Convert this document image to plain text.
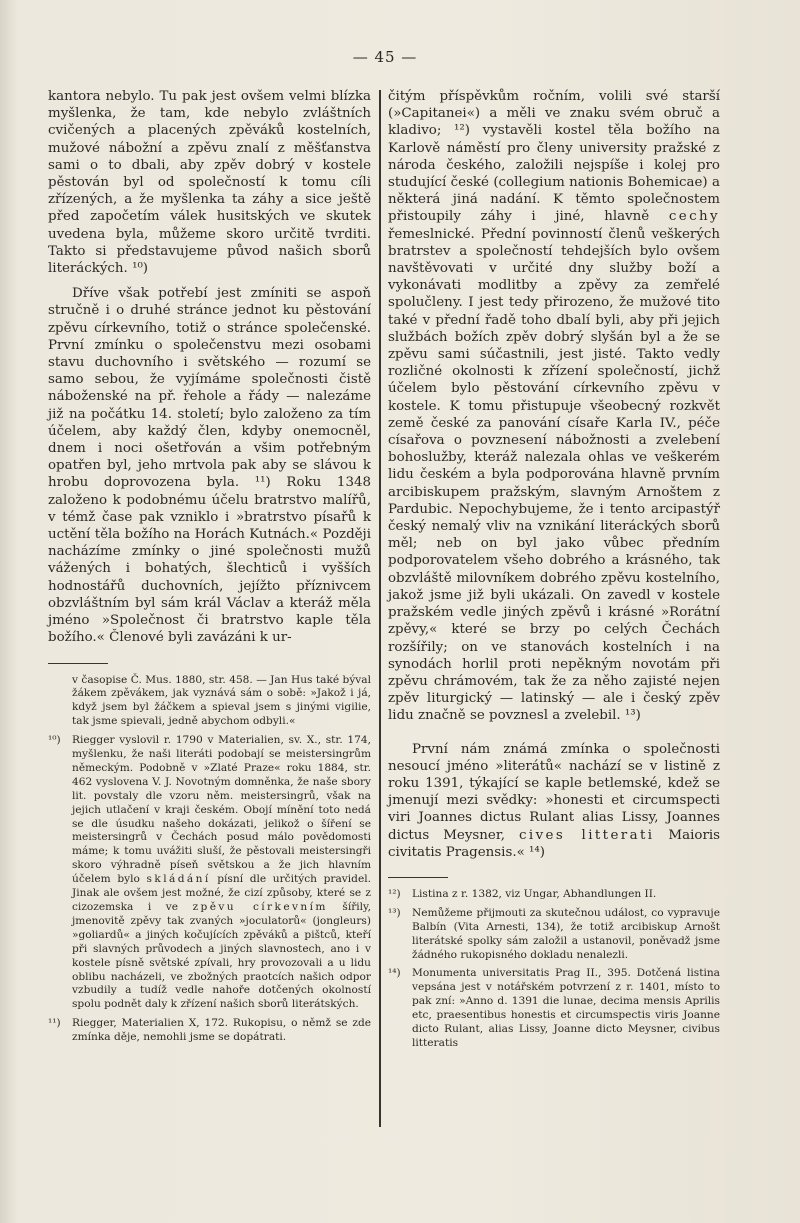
— 45 —

kantora nebylo. Tu pak jest ovšem velmi blízka myšlenka, že tam, kde nebylo zvláštních cvičených a placených zpěváků kostelních, mužové nábožní a zpěvu znalí z měšťanstva sami o to dbali, aby zpěv dobrý v kostele pěstován byl od společností k tomu cíli zřízených, a že myšlenka ta záhy a sice ještě před započetím válek husitských ve skutek uvedena byla, můžeme skoro určitě tvrditi. Takto si představujeme původ našich sborů literáckých. ¹⁰)

Dříve však potřebí jest zmíniti se aspoň stručně i o druhé stránce jednot ku pěstování zpěvu církevního, totiž o stránce společenské. První zmínku o společenstvu mezi osobami stavu duchovního i světského — rozumí se samo sebou, že vyjímáme společnosti čistě náboženské na př. řehole a řády — nalezáme již na počátku 14. století; bylo založeno za tím účelem, aby každý člen, kdyby onemocněl, dnem i noci ošetřován a všim potřebným opatřen byl, jeho mrtvola pak aby se slávou k hrobu doprovozena byla. ¹¹) Roku 1348 založeno k podobnému účelu bratrstvo malířů, v témž čase pak vzniklo i »bratrstvo písařů k uctění těla božího na Horách Kutnách.« Později nacházíme zmínky o jiné společnosti mužů vážených i bohatých, šlechticů i vyšších hodnostářů duchovních, jejížto příznivcem obzvláštním byl sám král Václav a kteráž měla jméno »Společnost či bratrstvo kaple těla božího.« Členové byli zavázáni k ur-

v časopise Č. Mus. 1880, str. 458. — Jan Hus také býval žákem zpěvákem, jak vyznává sám o sobě: »Jakož i já, když jsem byl žáčkem a spieval jsem s jinými vigilie, tak jsme spievali, jedně abychom odbyli.«
¹⁰) Riegger vyslovil r. 1790 v Materialien, sv. X., str. 174, myšlenku, že naši literáti podobají se meistersingrům německým. Podobně v »Zlaté Praze« roku 1884, str. 462 vyslovena V. J. Novotným domněnka, že naše sbory lit. povstaly dle vzoru něm. meistersingrů, však na jejich utlačení v kraji českém. Obojí mínění toto nedá se dle úsudku našeho dokázati, jelikož o šíření se meistersingrů v Čechách posud málo povědomosti máme; k tomu uvážiti sluší, že pěstovali meistersingři skoro výhradně píseň světskou a že jich hlavním účelem bylo skládání písní dle určitých pravidel. Jinak ale ovšem jest možné, že cizí způsoby, které se z cizozemska i ve zpěvu církevním šířily, jmenovitě zpěvy tak zvaných »joculatorů« (jongleurs) »goliardů« a jiných kočujících zpěváků a pištců, kteří při slavných průvodech a jiných slavnostech, ano i v kostele písně světské zpívali, hry provozovali a u lidu oblibu nacházeli, ve zbožných praotcích našich odpor vzbudily a tudíž vedle nahoře dotčených okolností spolu podnět daly k zřízení našich sborů literátských.
¹¹) Riegger, Materialien X, 172. Rukopisu, o němž se zde zmínka děje, nemohli jsme se dopátrati.

čitým příspěvkům ročním, volili své starší (»Capitanei«) a měli ve znaku svém obruč a kladivo; ¹²) vystavěli kostel těla božího na Karlově náměstí pro členy university pražské z národa českého, založili nejspíše i kolej pro studující české (collegium nationis Bohemicae) a některá jiná nadání. K těmto společnostem přistoupily záhy i jiné, hlavně cechy řemeslnické. Přední povinností členů veškerých bratrstev a společností tehdejších bylo ovšem navštěvovati v určité dny služby boží a vykonávati modlitby a zpěvy za zemřelé spolučleny. I jest tedy přirozeno, že mužové tito také v přední řadě toho dbalí byli, aby při jejich službách božích zpěv dobrý slyšán byl a že se zpěvu sami súčastnili, jest jisté. Takto vedly rozličné okolnosti k zřízení společností, jichž účelem bylo pěstování církevního zpěvu v kostele. K tomu přistupuje všeobecný rozkvět země české za panování císaře Karla IV., péče císařova o povznesení nábožnosti a zvelebení bohoslužby, kteráž nalezala ohlas ve veškerém lidu českém a byla podporována hlavně prvním arcibiskupem pražským, slavným Arnoštem z Pardubic. Nepochybujeme, že i tento arcipastýř český nemalý vliv na vznikání literáckých sborů měl; neb on byl jako vůbec předním podporovatelem všeho dobrého a krásného, tak obzvláště milovníkem dobrého zpěvu kostelního, jakož jsme již byli ukázali. On zavedl v kostele pražském vedle jiných zpěvů i krásné »Rorátní zpěvy,« které se brzy po celých Čechách rozšířily; on ve stanovách kostelních i na synodách horlil proti nepěkným novotám při zpěvu chrámovém, tak že za něho zajisté nejen zpěv liturgický — latinský — ale i český zpěv lidu značně se povznesl a zvelebil. ¹³)

První nám známá zmínka o společnosti nesoucí jméno »literátů« nachází se v listině z roku 1391, týkající se kaple betlemské, kdež se jmenují mezi svědky: »honesti et circumspecti viri Joannes dictus Rulant alias Lissy, Joannes dictus Meysner, cives litterati Maioris civitatis Pragensis.« ¹⁴)

¹²) Listina z r. 1382, viz Ungar, Abhandlungen II.
¹³) Nemůžeme přijmouti za skutečnou událost, co vypravuje Balbín (Vita Arnesti, 134), že totiž arcibiskup Arnošt literátské spolky sám založil a ustanovil, poněvadž jsme žádného rukopisného dokladu nenalezli.
¹⁴) Monumenta universitatis Prag II., 395. Dotčená listina vepsána jest v notářském potvrzení z r. 1401, místo to pak zní: »Anno d. 1391 die lunae, decima mensis Aprilis etc, praesentibus honestis et circumspectis viris Joanne dicto Rulant, alias Lissy, Joanne dicto Meysner, civibus litteratis
